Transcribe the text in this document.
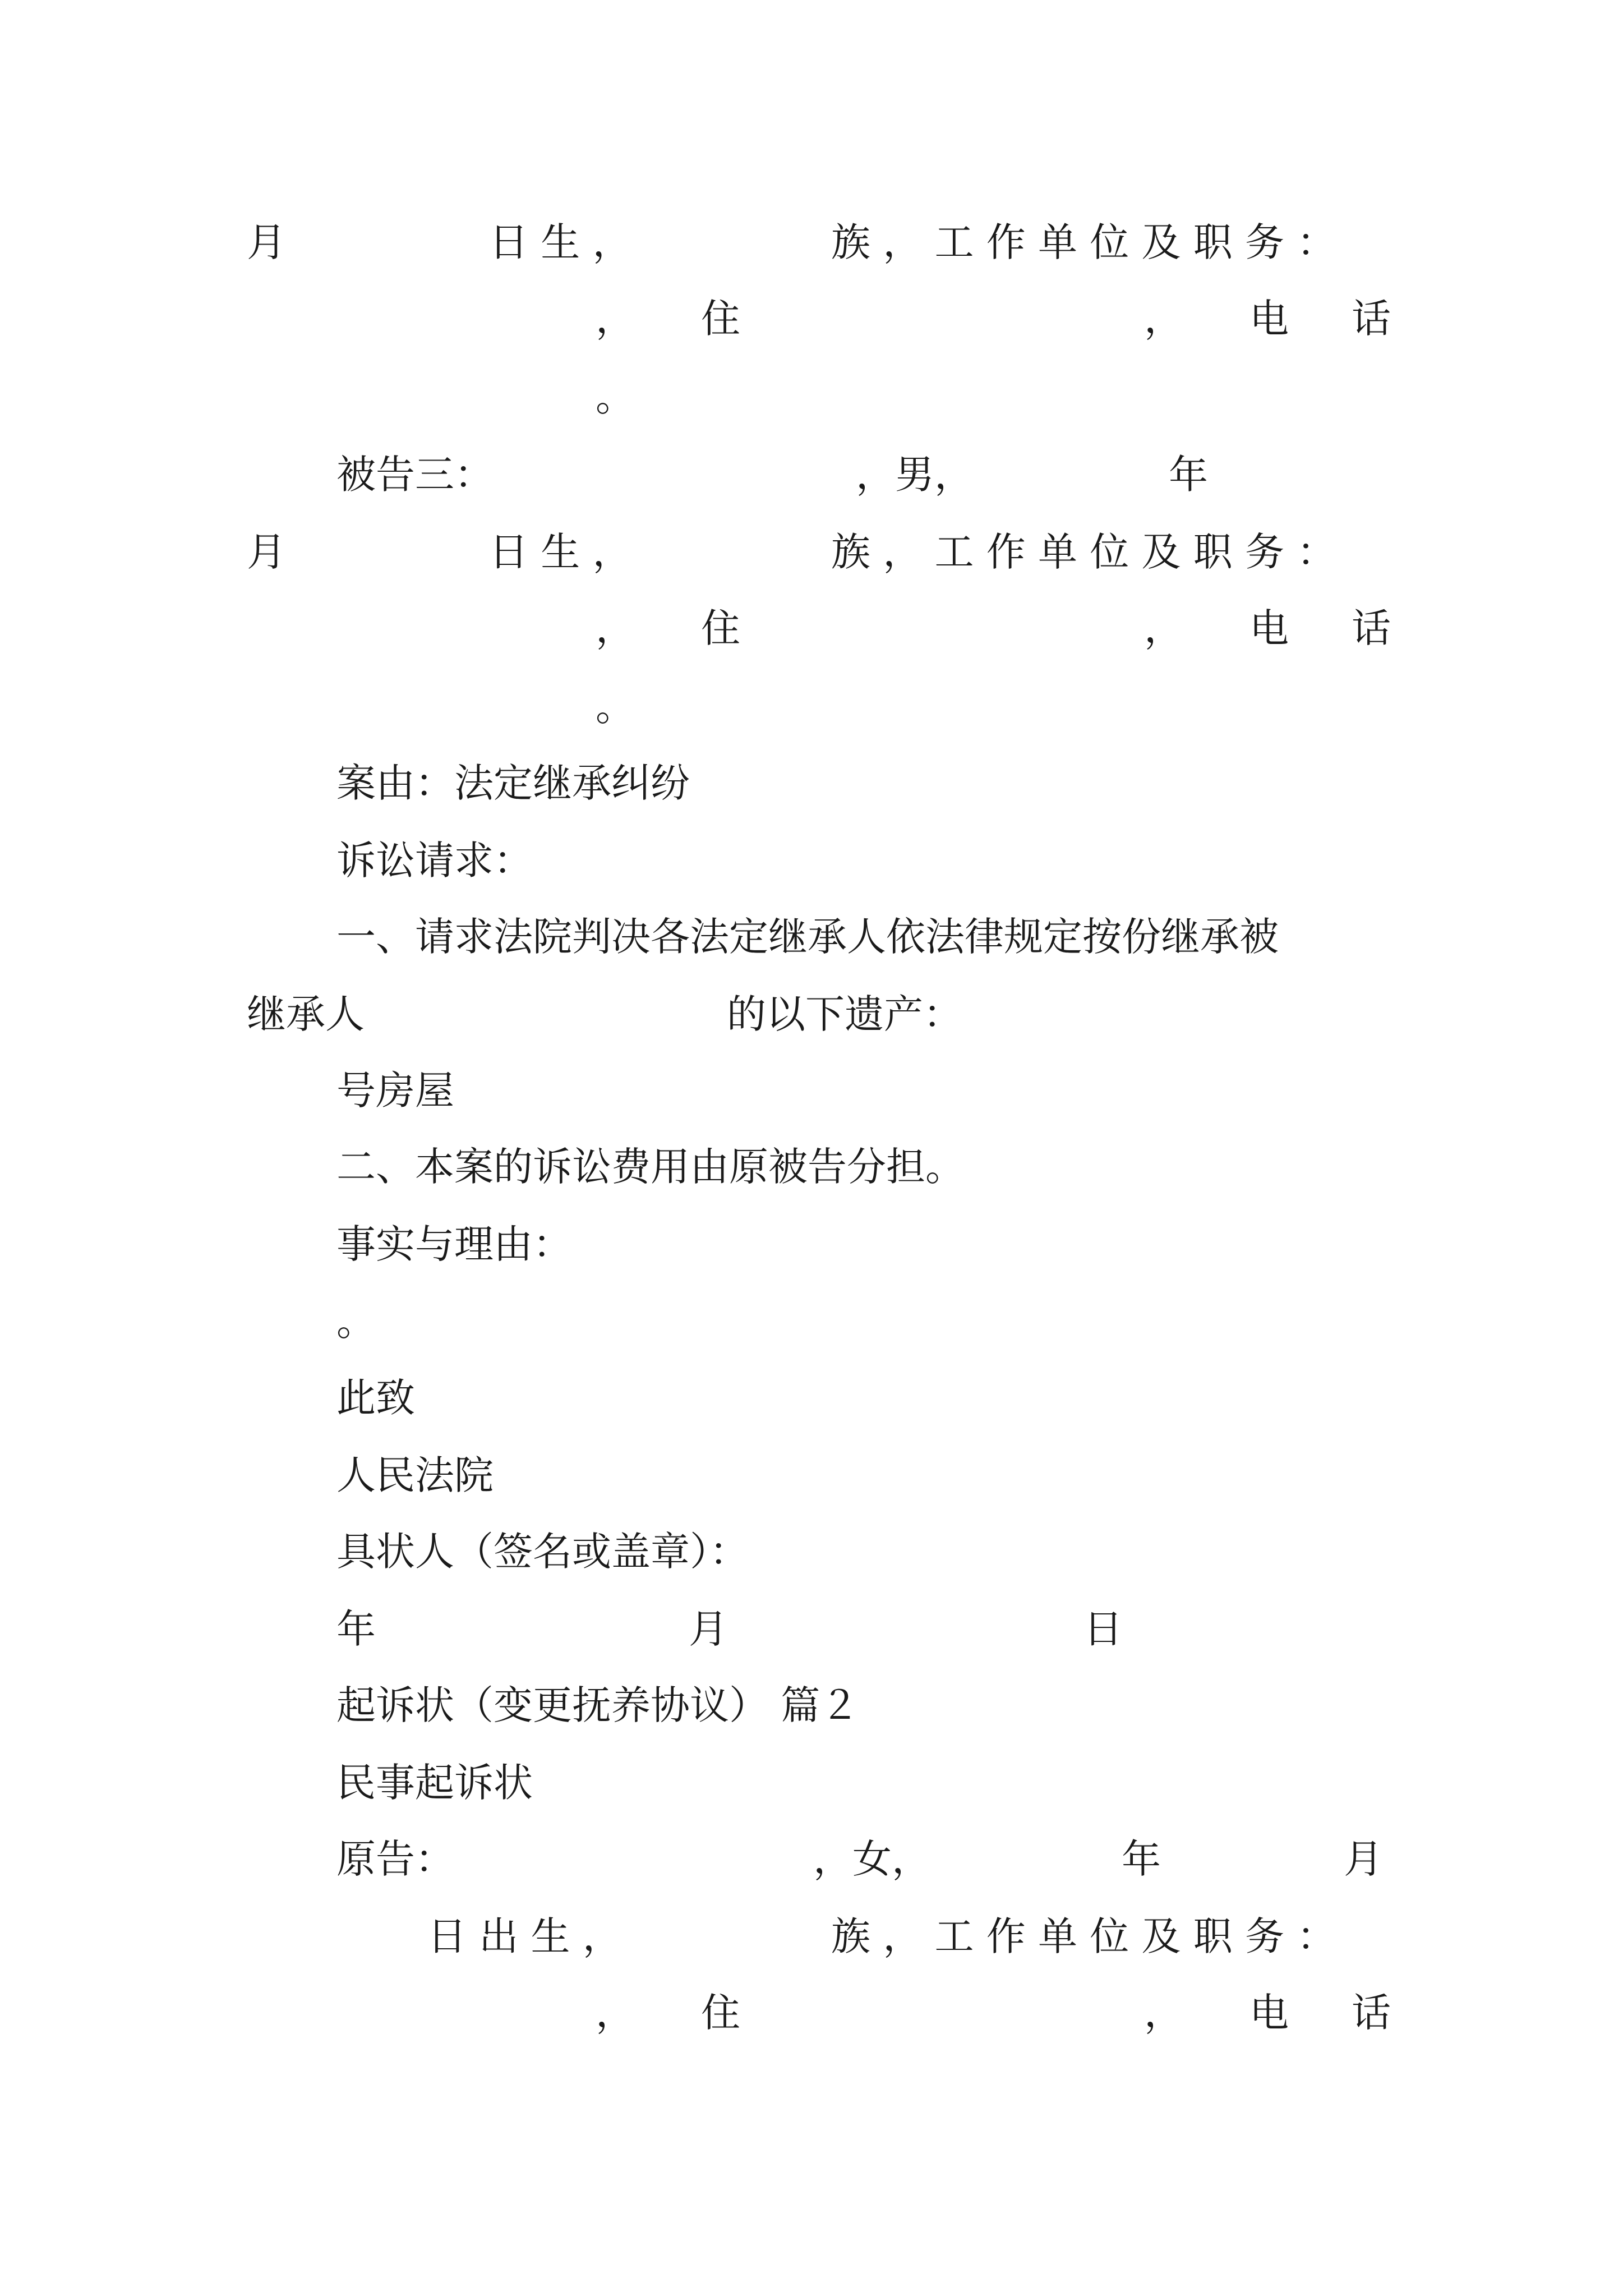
月	日 生 ，	族 ， 工 作 单 位 及 职 务 ：
， 住	， 电 话
。
被告三：	，男，	年
月	日 生 ，	族 ， 工 作 单 位 及 职 务 ：
， 住	， 电 话
。
案由：法定继承纠纷
诉讼请求：
一、请求法院判决各法定继承人依法律规定按份继承被
继承人	的以下遗产：
号房屋
二、本案的诉讼费用由原被告分担。
事实与理由：
。
此致
人民法院
具状人（签名或盖章）：
年	月	日
起诉状（变更抚养协议） 篇２
民事起诉状
原告：	，女，	年	月
日 出 生 ，	族 ， 工 作 单 位 及 职 务 ：
， 住	， 电 话
